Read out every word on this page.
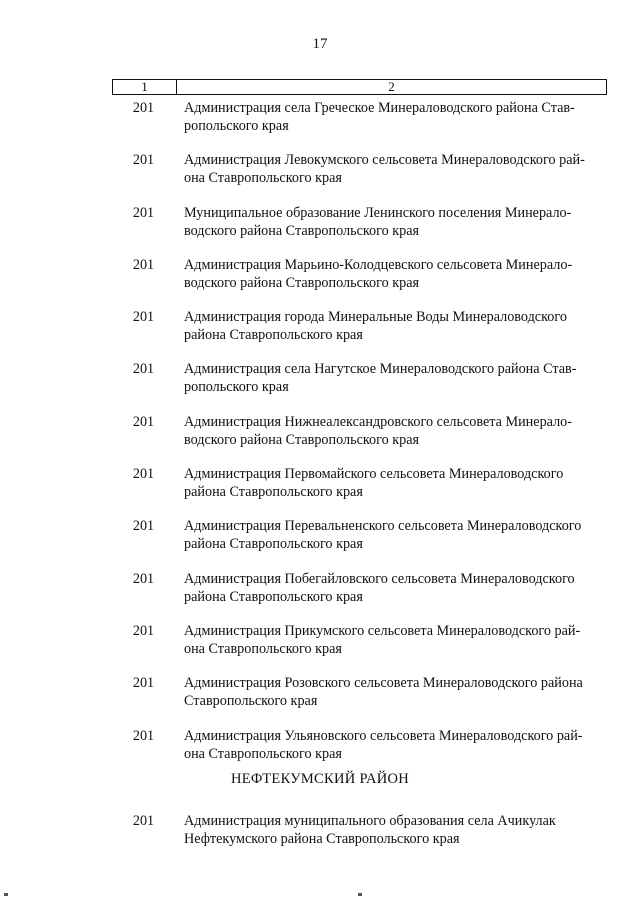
17
1	2
201	Администрация села Греческое Минераловодского района Став-
ропольского края
201	Администрация Левокумского сельсовета Минераловодского рай-
она Ставропольского края
201	Муниципальное образование Ленинского поселения Минерало-
водского района Ставропольского края
201	Администрация Марьино-Колодцевского сельсовета Минерало-
водского района Ставропольского края
201	Администрация города Минеральные Воды Минераловодского
района Ставропольского края
201	Администрация села Нагутское Минераловодского района Став-
ропольского края
201	Администрация Нижнеалександровского сельсовета Минерало-
водского района Ставропольского края
201	Администрация Первомайского сельсовета Минераловодского
района Ставропольского края
201	Администрация Перевальненского сельсовета Минераловодского
района Ставропольского края
201	Администрация Побегайловского сельсовета Минераловодского
района Ставропольского края
201	Администрация Прикумского сельсовета Минераловодского рай-
она Ставропольского края
201	Администрация Розовского сельсовета Минераловодского района
Ставропольского края
201	Администрация Ульяновского сельсовета Минераловодского рай-
она Ставропольского края
НЕФТЕКУМСКИЙ РАЙОН
201	Администрация муниципального образования села Ачикулак
Нефтекумского района Ставропольского края
